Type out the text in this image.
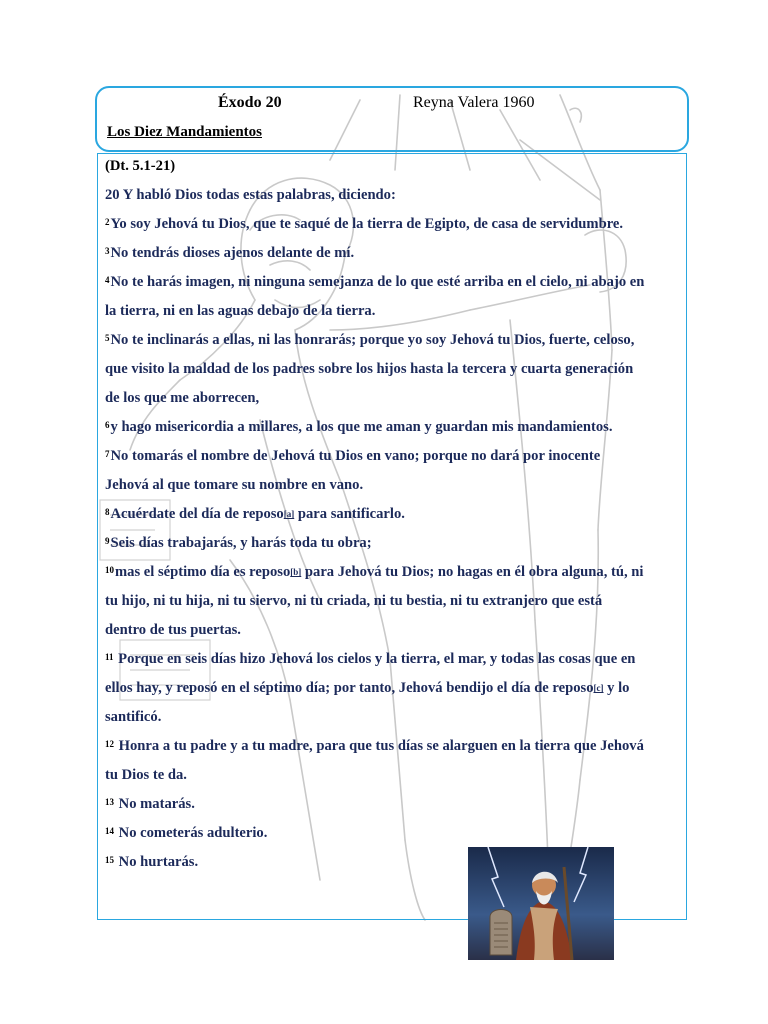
Éxodo 20	Reyna Valera 1960
Los Diez Mandamientos
(Dt. 5.1-21)
20 Y habló Dios todas estas palabras, diciendo:
$^2$Yo soy Jehová tu Dios, que te saqué de la tierra de Egipto, de casa de servidumbre.
$^3$No tendrás dioses ajenos delante de mí.
$^4$No te harás imagen, ni ninguna semejanza de lo que esté arriba en el cielo, ni abajo en la tierra, ni en las aguas debajo de la tierra.
$^5$No te inclinarás a ellas, ni las honrarás; porque yo soy Jehová tu Dios, fuerte, celoso, que visito la maldad de los padres sobre los hijos hasta la tercera y cuarta generación de los que me aborrecen,
$^6$y hago misericordia a millares, a los que me aman y guardan mis mandamientos.
$^7$No tomarás el nombre de Jehová tu Dios en vano; porque no dará por inocente Jehová al que tomare su nombre en vano.
$^8$Acuérdate del día de reposo[a] para santificarlo.
$^9$Seis días trabajarás, y harás toda tu obra;
$^{10}$mas el séptimo día es reposo[b] para Jehová tu Dios; no hagas en él obra alguna, tú, ni tu hijo, ni tu hija, ni tu siervo, ni tu criada, ni tu bestia, ni tu extranjero que está dentro de tus puertas.
$^{11}$ Porque en seis días hizo Jehová los cielos y la tierra, el mar, y todas las cosas que en ellos hay, y reposó en el séptimo día; por tanto, Jehová bendijo el día de reposo[c] y lo santificó.
$^{12}$ Honra a tu padre y a tu madre, para que tus días se alarguen en la tierra que Jehová tu Dios te da.
$^{13}$ No matarás.
$^{14}$ No cometerás adulterio.
$^{15}$ No hurtarás.
